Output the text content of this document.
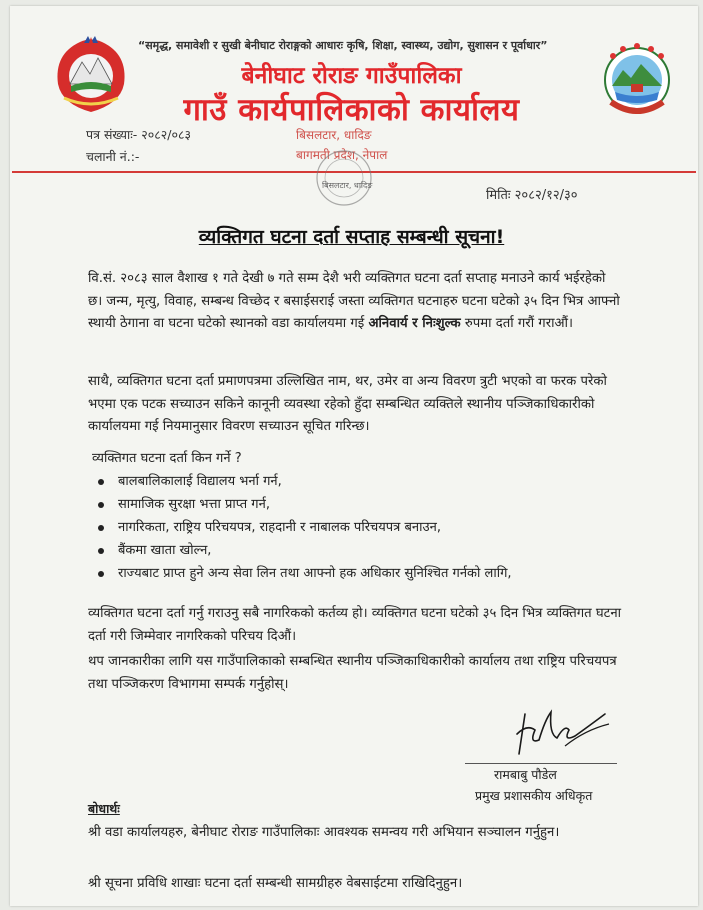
“समृद्ध, समावेशी र सुखी बेनीघाट रोराङ्गको आधारः कृषि, शिक्षा, स्वास्थ्य, उद्योग, सुशासन र पूर्वाधार”
बेनीघाट रोराङ गाउँपालिका
गाउँ कार्यपालिकाको कार्यालय
पत्र संख्याः- २०८२/०८३
चलानी नं.:-
बिसलटार, धादिङ
बागमती प्रदेश, नेपाल
बिसलटार, धादिङ
मितिः २०८२/१२/३०
व्यक्तिगत घटना दर्ता सप्ताह सम्बन्धी सूचना!
वि.सं. २०८३ साल वैशाख १ गते देखी ७ गते सम्म देशै भरी व्यक्तिगत घटना दर्ता सप्ताह मनाउने कार्य भईरहेको छ। जन्म, मृत्यु, विवाह, सम्बन्ध विच्छेद र बसाईसराई जस्ता व्यक्तिगत घटनाहरु घटना घटेको ३५ दिन भित्र आफ्नो स्थायी ठेगाना वा घटना घटेको स्थानको वडा कार्यालयमा गई अनिवार्य र निःशुल्क रुपमा दर्ता गरौं गराऔं।
साथै, व्यक्तिगत घटना दर्ता प्रमाणपत्रमा उल्लिखित नाम, थर, उमेर वा अन्य विवरण त्रुटी भएको वा फरक परेको भएमा एक पटक सच्याउन सकिने कानूनी व्यवस्था रहेको हुँदा सम्बन्धित व्यक्तिले स्थानीय पञ्जिकाधिकारीको कार्यालयमा गई नियमानुसार विवरण सच्याउन सूचित गरिन्छ।
व्यक्तिगत घटना दर्ता किन गर्ने ?
बालबालिकालाई विद्यालय भर्ना गर्न,
सामाजिक सुरक्षा भत्ता प्राप्त गर्न,
नागरिकता, राष्ट्रिय परिचयपत्र, राहदानी र नाबालक परिचयपत्र बनाउन,
बैंकमा खाता खोल्न,
राज्यबाट प्राप्त हुने अन्य सेवा लिन तथा आफ्नो हक अधिकार सुनिश्चित गर्नको लागि,
व्यक्तिगत घटना दर्ता गर्नु गराउनु सबै नागरिकको कर्तव्य हो। व्यक्तिगत घटना घटेको ३५ दिन भित्र व्यक्तिगत घटना दर्ता गरी जिम्मेवार नागरिकको परिचय दिऔं।
थप जानकारीका लागि यस गाउँपालिकाको सम्बन्धित स्थानीय पञ्जिकाधिकारीको कार्यालय तथा राष्ट्रिय परिचयपत्र तथा पञ्जिकरण विभागमा सम्पर्क गर्नुहोस्।
रामबाबु पौडेल
प्रमुख प्रशासकीय अधिकृत
बोधार्थः
श्री वडा कार्यालयहरु, बेनीघाट रोराङ गाउँपालिकाः आवश्यक समन्वय गरी अभियान सञ्चालन गर्नुहुन।
श्री सूचना प्रविधि शाखाः घटना दर्ता सम्बन्धी सामग्रीहरु वेबसाईटमा राखिदिनुहुन।
